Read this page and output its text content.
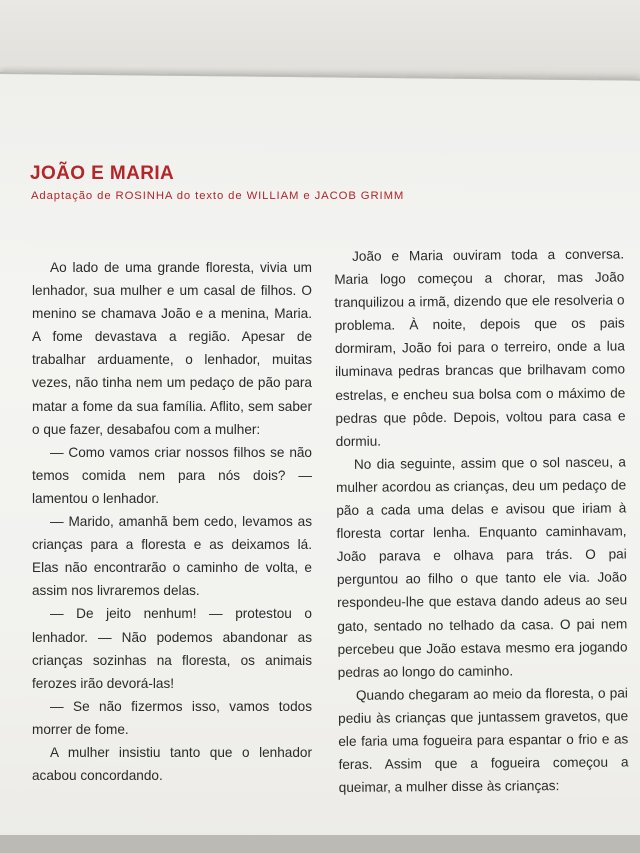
JOÃO E MARIA
Adaptação de ROSINHA do texto de WILLIAM e JACOB GRIMM

Ao lado de uma grande floresta, vivia um lenhador, sua mulher e um casal de filhos. O menino se chamava João e a menina, Maria. A fome devastava a região. Apesar de trabalhar arduamente, o lenhador, muitas vezes, não tinha nem um pedaço de pão para matar a fome da sua família. Aflito, sem saber o que fazer, desabafou com a mulher:

— Como vamos criar nossos filhos se não temos comida nem para nós dois? — lamentou o lenhador.

— Marido, amanhã bem cedo, levamos as crianças para a floresta e as deixamos lá. Elas não encontrarão o caminho de volta, e assim nos livraremos delas.

— De jeito nenhum! — protestou o lenhador. — Não podemos abandonar as crianças sozinhas na floresta, os animais ferozes irão devorá-las!

— Se não fizermos isso, vamos todos morrer de fome.

A mulher insistiu tanto que o lenhador acabou concordando.

João e Maria ouviram toda a conversa. Maria logo começou a chorar, mas João tranquilizou a irmã, dizendo que ele resolveria o problema. À noite, depois que os pais dormiram, João foi para o terreiro, onde a lua iluminava pedras brancas que brilhavam como estrelas, e encheu sua bolsa com o máximo de pedras que pôde. Depois, voltou para casa e dormiu.

No dia seguinte, assim que o sol nasceu, a mulher acordou as crianças, deu um pedaço de pão a cada uma delas e avisou que iriam à floresta cortar lenha. Enquanto caminhavam, João parava e olhava para trás. O pai perguntou ao filho o que tanto ele via. João respondeu-lhe que estava dando adeus ao seu gato, sentado no telhado da casa. O pai nem percebeu que João estava mesmo era jogando pedras ao longo do caminho.

Quando chegaram ao meio da floresta, o pai pediu às crianças que juntassem gravetos, que ele faria uma fogueira para espantar o frio e as feras. Assim que a fogueira começou a queimar, a mulher disse às crianças:
